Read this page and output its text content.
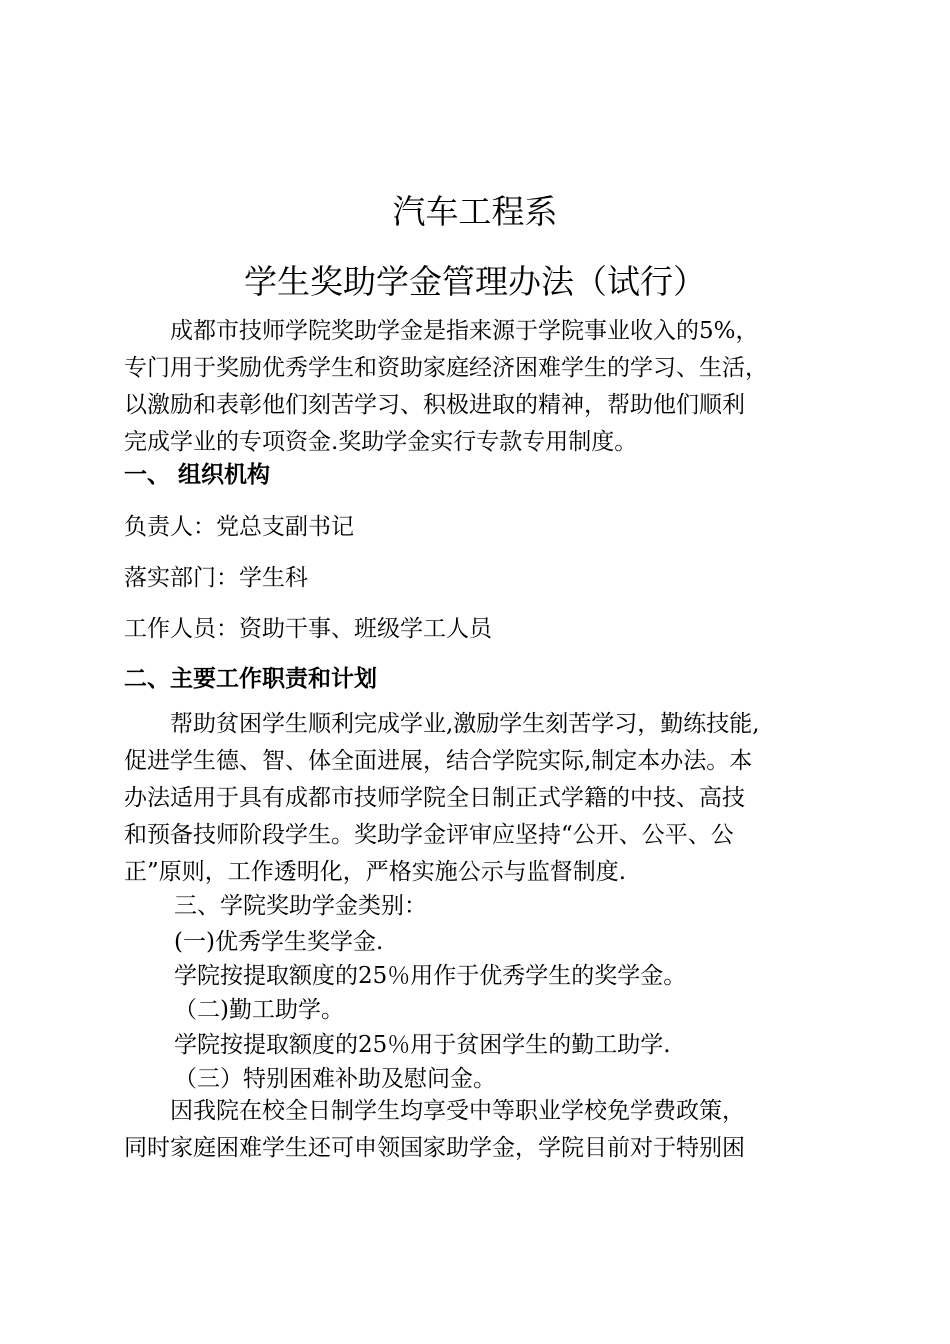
汽车工程系
学生奖助学金管理办法（试行）
　　成都市技师学院奖助学金是指来源于学院事业收入的5%，
专门用于奖励优秀学生和资助家庭经济困难学生的学习、生活，
以激励和表彰他们刻苦学习、积极进取的精神，帮助他们顺利
完成学业的专项资金.奖助学金实行专款专用制度。
一、 组织机构
负责人：党总支副书记
落实部门：学生科
工作人员：资助干事、班级学工人员
二、主要工作职责和计划
　　帮助贫困学生顺利完成学业,激励学生刻苦学习，勤练技能,
促进学生德、智、体全面进展，结合学院实际,制定本办法。本
办法适用于具有成都市技师学院全日制正式学籍的中技、高技
和预备技师阶段学生。奖助学金评审应坚持“公开、公平、公
正”原则，工作透明化，严格实施公示与监督制度.
三、学院奖助学金类别：
(一)优秀学生奖学金.
学院按提取额度的25％用作于优秀学生的奖学金。
（二)勤工助学。
学院按提取额度的25％用于贫困学生的勤工助学.
（三）特别困难补助及慰问金。
　　因我院在校全日制学生均享受中等职业学校免学费政策，
同时家庭困难学生还可申领国家助学金，学院目前对于特别困
